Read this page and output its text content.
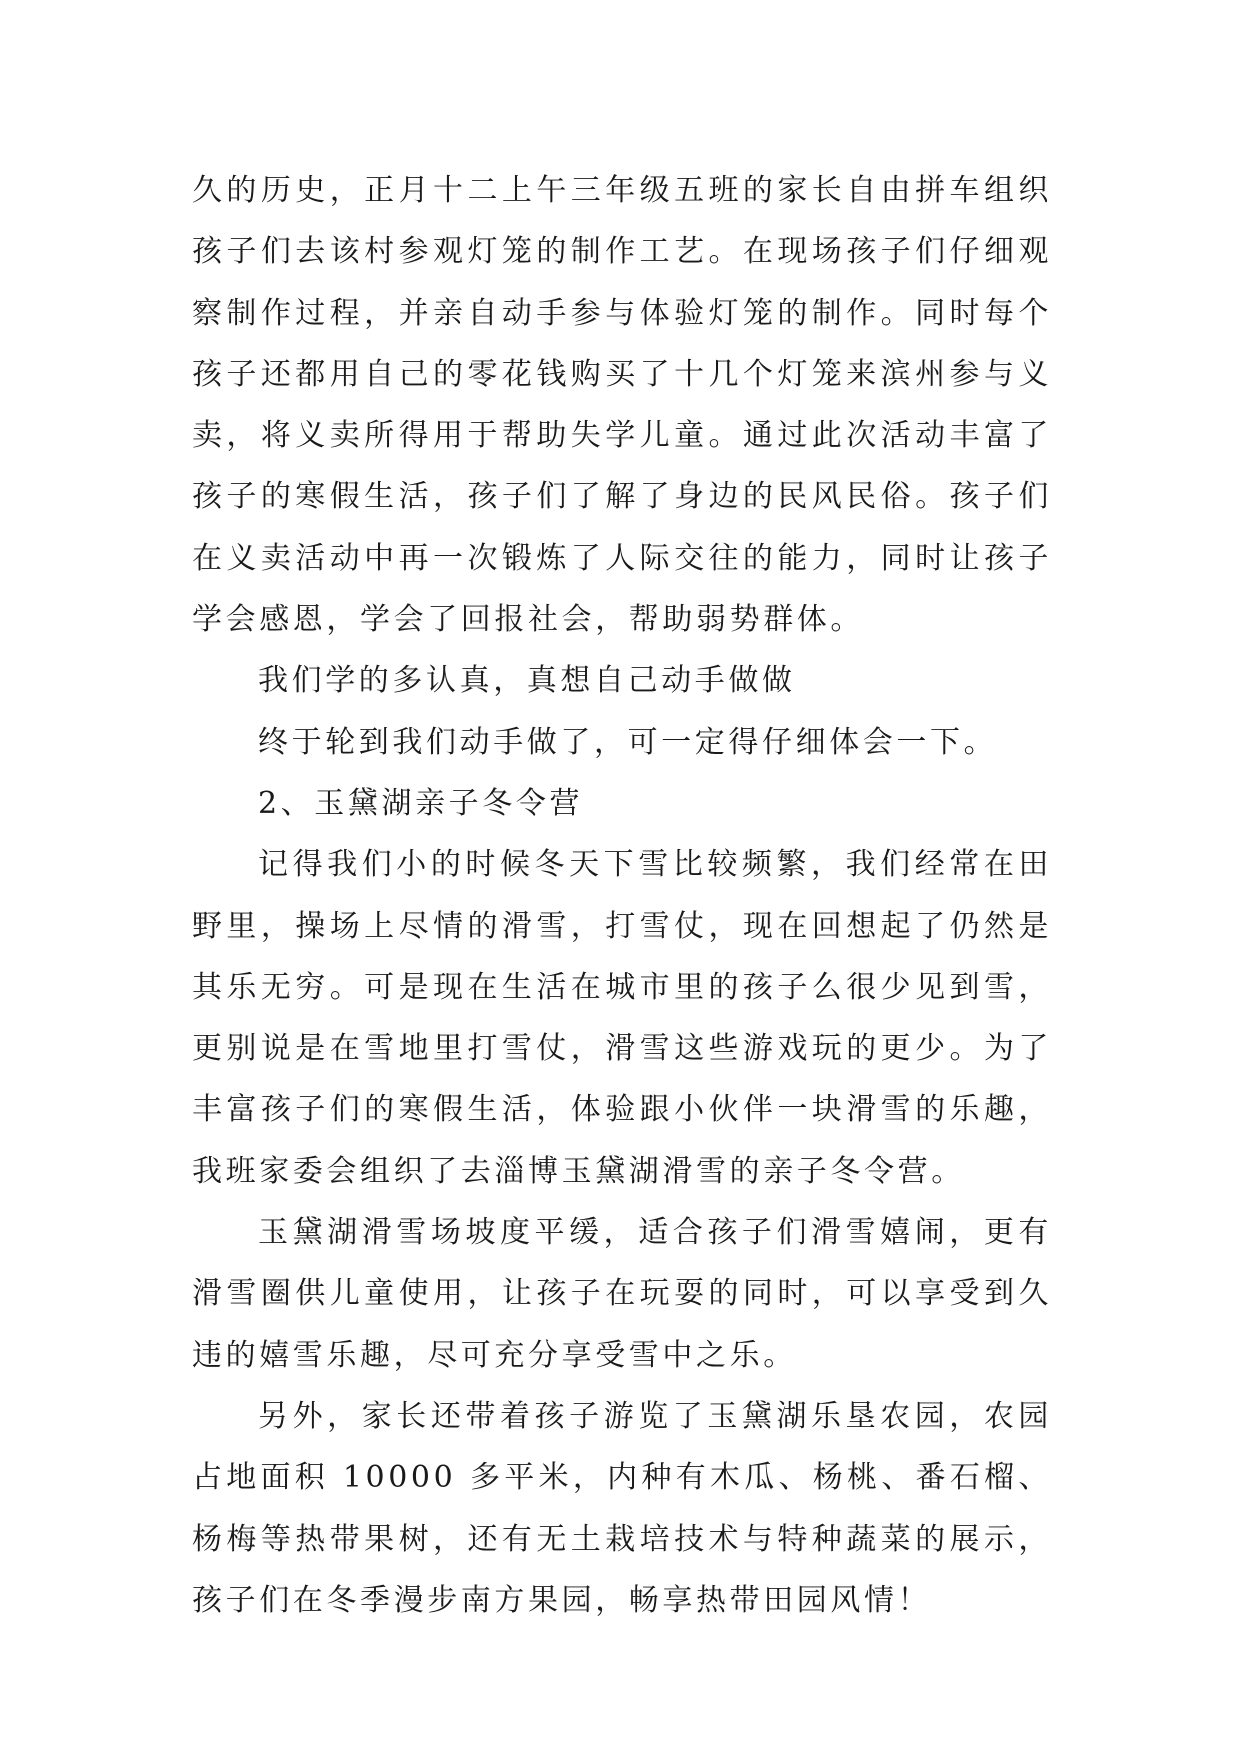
久的历史，正月十二上午三年级五班的家长自由拼车组织孩子们去该村参观灯笼的制作工艺。在现场孩子们仔细观察制作过程，并亲自动手参与体验灯笼的制作。同时每个孩子还都用自己的零花钱购买了十几个灯笼来滨州参与义卖，将义卖所得用于帮助失学儿童。通过此次活动丰富了孩子的寒假生活，孩子们了解了身边的民风民俗。孩子们在义卖活动中再一次锻炼了人际交往的能力，同时让孩子学会感恩，学会了回报社会，帮助弱势群体。

我们学的多认真，真想自己动手做做

终于轮到我们动手做了，可一定得仔细体会一下。

2、玉黛湖亲子冬令营

记得我们小的时候冬天下雪比较频繁，我们经常在田野里，操场上尽情的滑雪，打雪仗，现在回想起了仍然是其乐无穷。可是现在生活在城市里的孩子么很少见到雪，更别说是在雪地里打雪仗，滑雪这些游戏玩的更少。为了丰富孩子们的寒假生活，体验跟小伙伴一块滑雪的乐趣，我班家委会组织了去淄博玉黛湖滑雪的亲子冬令营。

玉黛湖滑雪场坡度平缓，适合孩子们滑雪嬉闹，更有滑雪圈供儿童使用，让孩子在玩耍的同时，可以享受到久违的嬉雪乐趣，尽可充分享受雪中之乐。

另外，家长还带着孩子游览了玉黛湖乐垦农园，农园占地面积 10000 多平米，内种有木瓜、杨桃、番石榴、杨梅等热带果树，还有无土栽培技术与特种蔬菜的展示，孩子们在冬季漫步南方果园，畅享热带田园风情！
